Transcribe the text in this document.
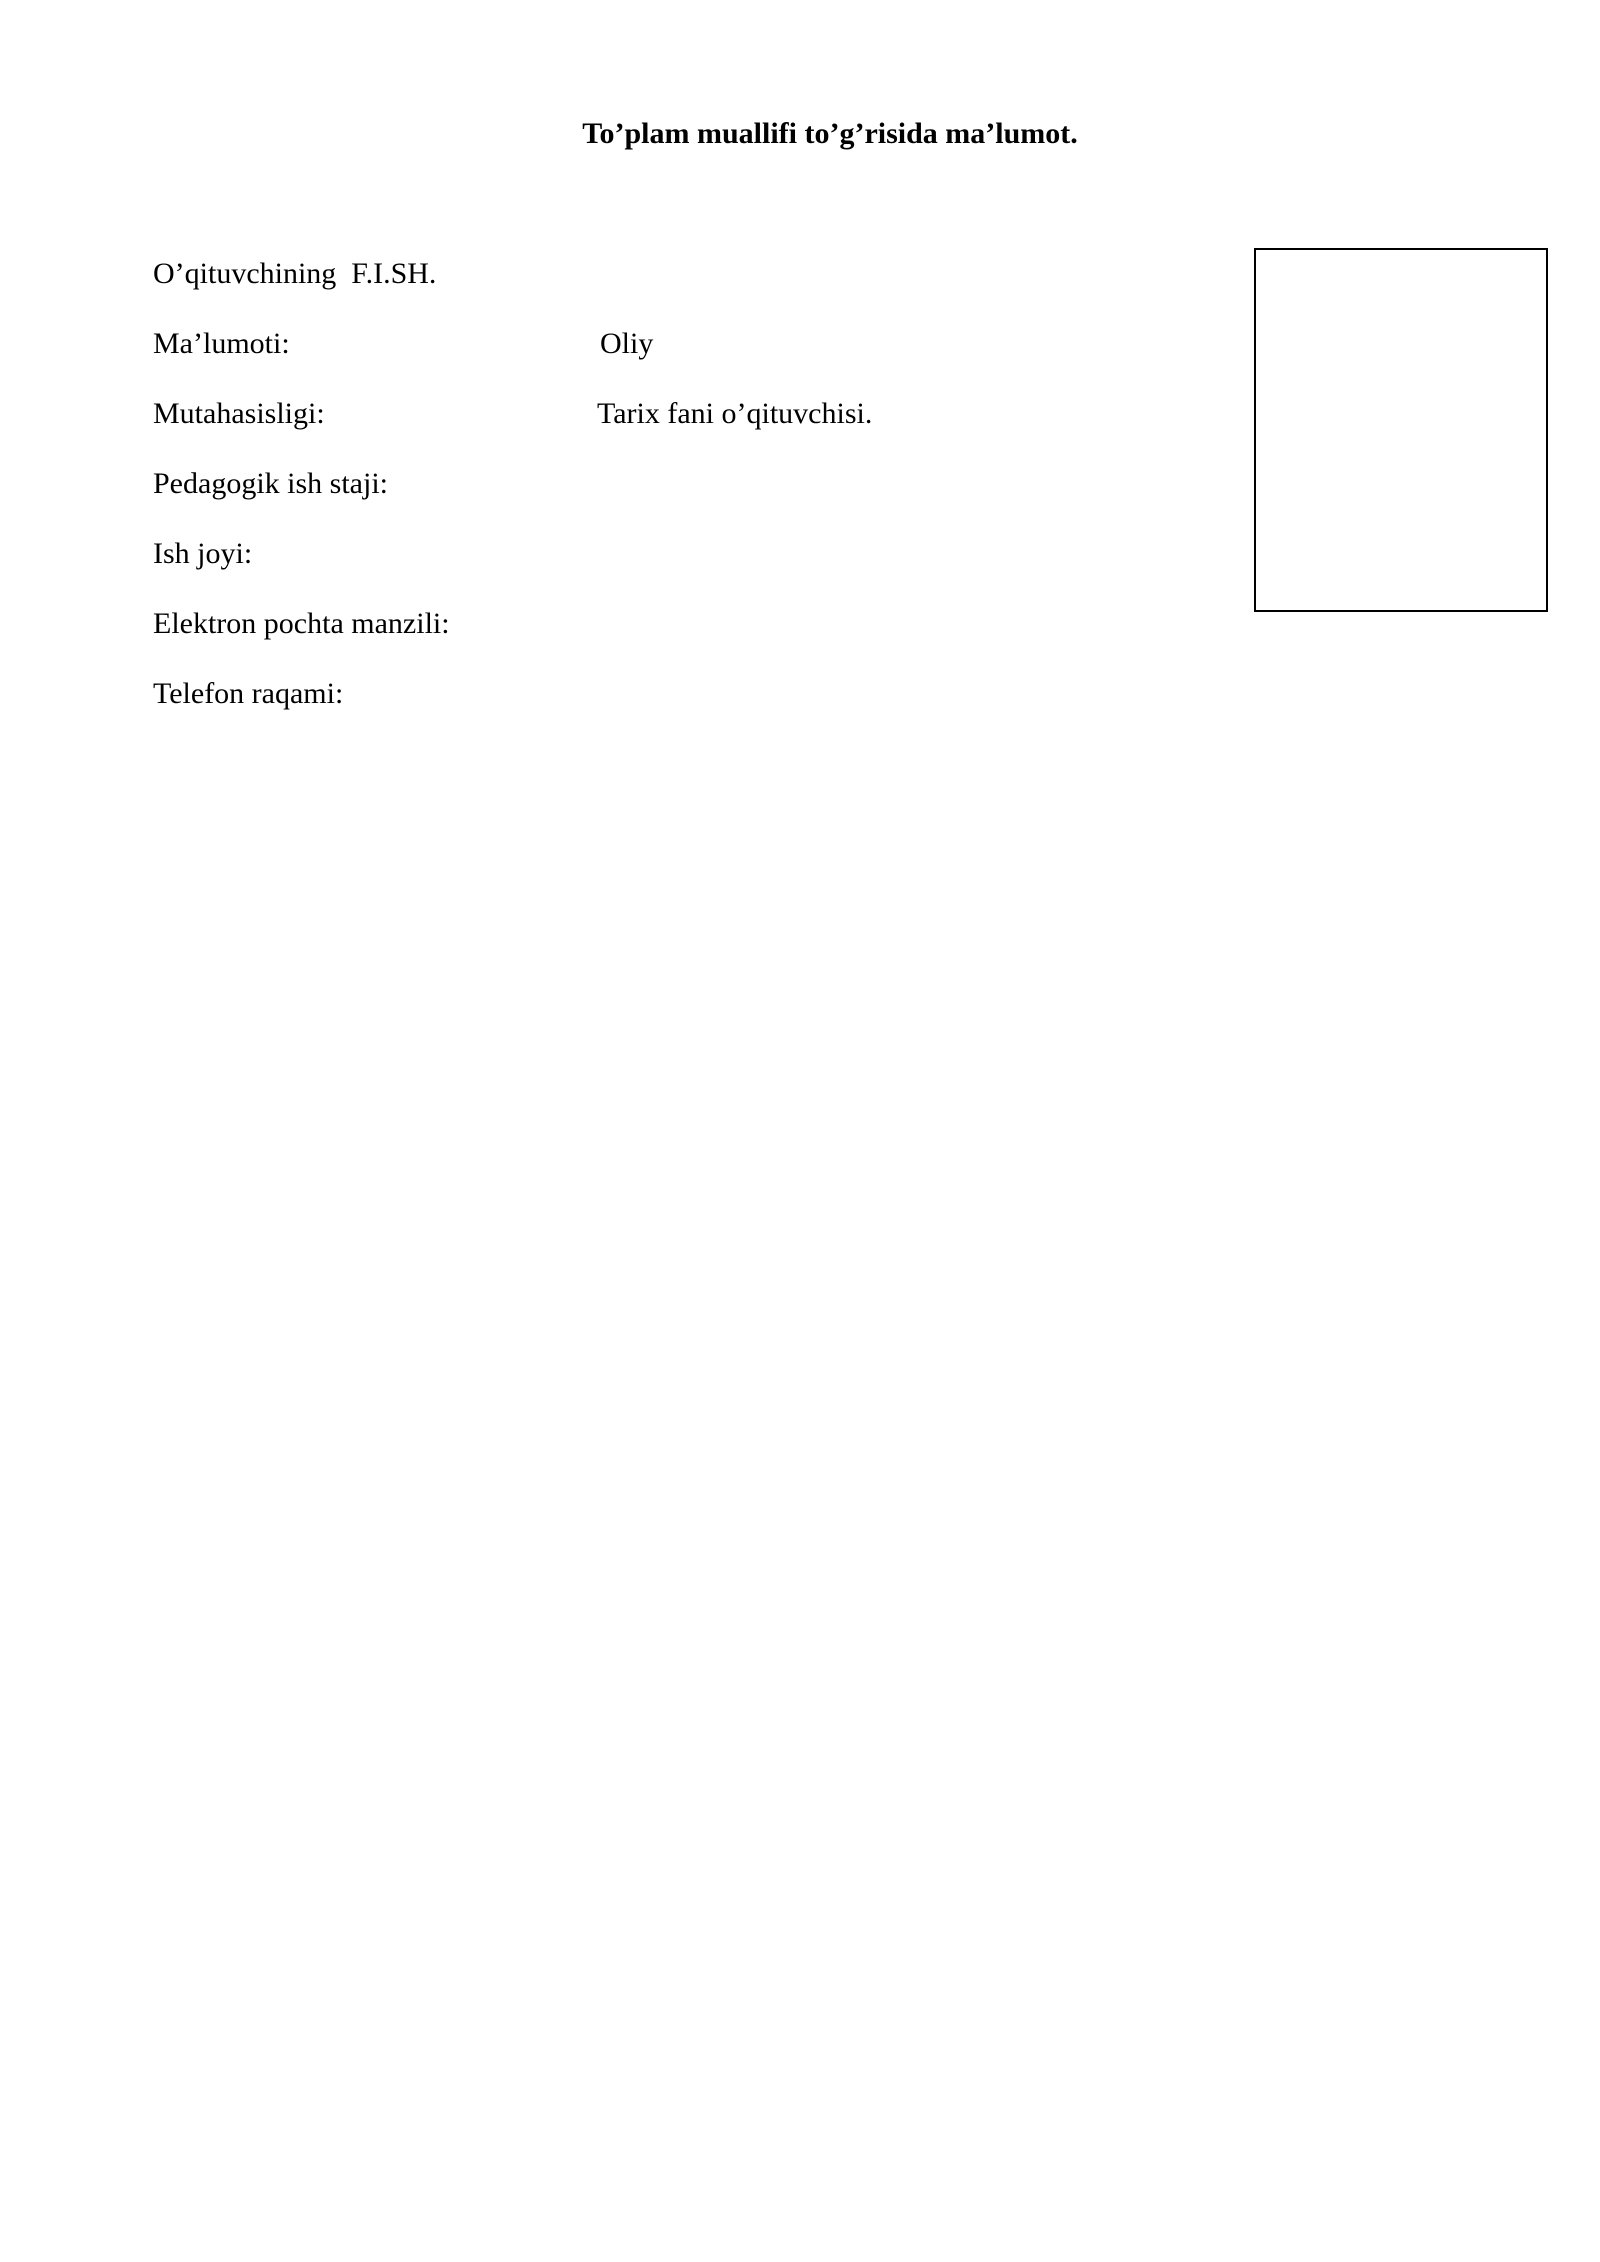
To’plam muallifi to’g’risida ma’lumot.
O’qituvchining  F.I.SH.
Ma’lumoti:	Oliy
Mutahasisligi:	Tarix fani o’qituvchisi.
Pedagogik ish staji:
Ish joyi:
Elektron pochta manzili:
Telefon raqami:
